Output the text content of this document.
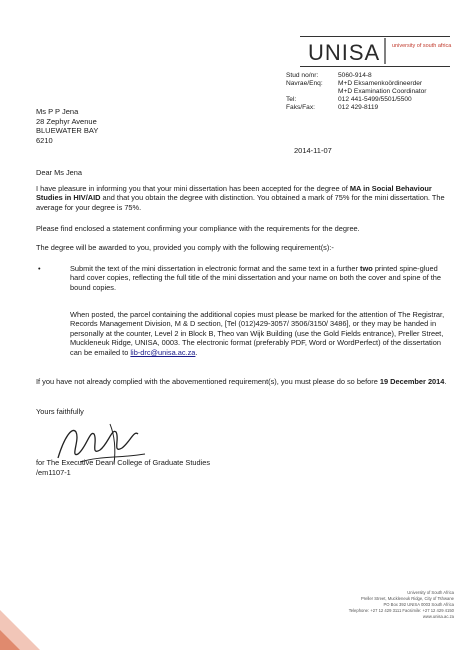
UNISA university of south africa
Stud no/nr:	5060-914-8
Navrae/Enq:	M+D Eksamenkoördineerder
M+D Examination Coordinator
Tel:	012 441-5499/5501/5500
Faks/Fax:	012 429-8119
Ms P P Jena
28 Zephyr Avenue
BLUEWATER BAY
6210
2014-11-07
Dear Ms Jena
I have pleasure in informing you that your mini dissertation has been accepted for the degree of MA in Social Behaviour Studies in HIV/AID and that you obtain the degree with distinction. You obtained a mark of 75% for the mini dissertation. The average for your degree is 75%.
Please find enclosed a statement confirming your compliance with the requirements for the degree.
The degree will be awarded to you, provided you comply with the following requirement(s):-
•	Submit the text of the mini dissertation in electronic format and the same text in a further two printed spine-glued hard cover copies, reflecting the full title of the mini dissertation and your name on both the cover and spine of the bound copies.
When posted, the parcel containing the additional copies must please be marked for the attention of The Registrar, Records Management Division, M & D section, [Tel (012)429-3057/ 3506/3150/ 3486], or they may be handed in personally at the counter, Level 2 in Block B, Theo van Wijk Building (use the Gold Fields entrance), Preller Street, Muckleneuk Ridge, UNISA, 0003. The electronic format (preferably PDF, Word or WordPerfect) of the dissertation can be emailed to lib-drc@unisa.ac.za.
If you have not already complied with the abovementioned requirement(s), you must please do so before 19 December 2014.
Yours faithfully
for The Executive Dean: College of Graduate Studies
/em1107-1
University of South Africa
Preller Street, Muckleneuk Ridge, City of Tshwane
PO Box 392 UNISA 0003 South Africa
Telephone: +27 12 429 3111 Facsimile: +27 12 429 4150
www.unisa.ac.za
